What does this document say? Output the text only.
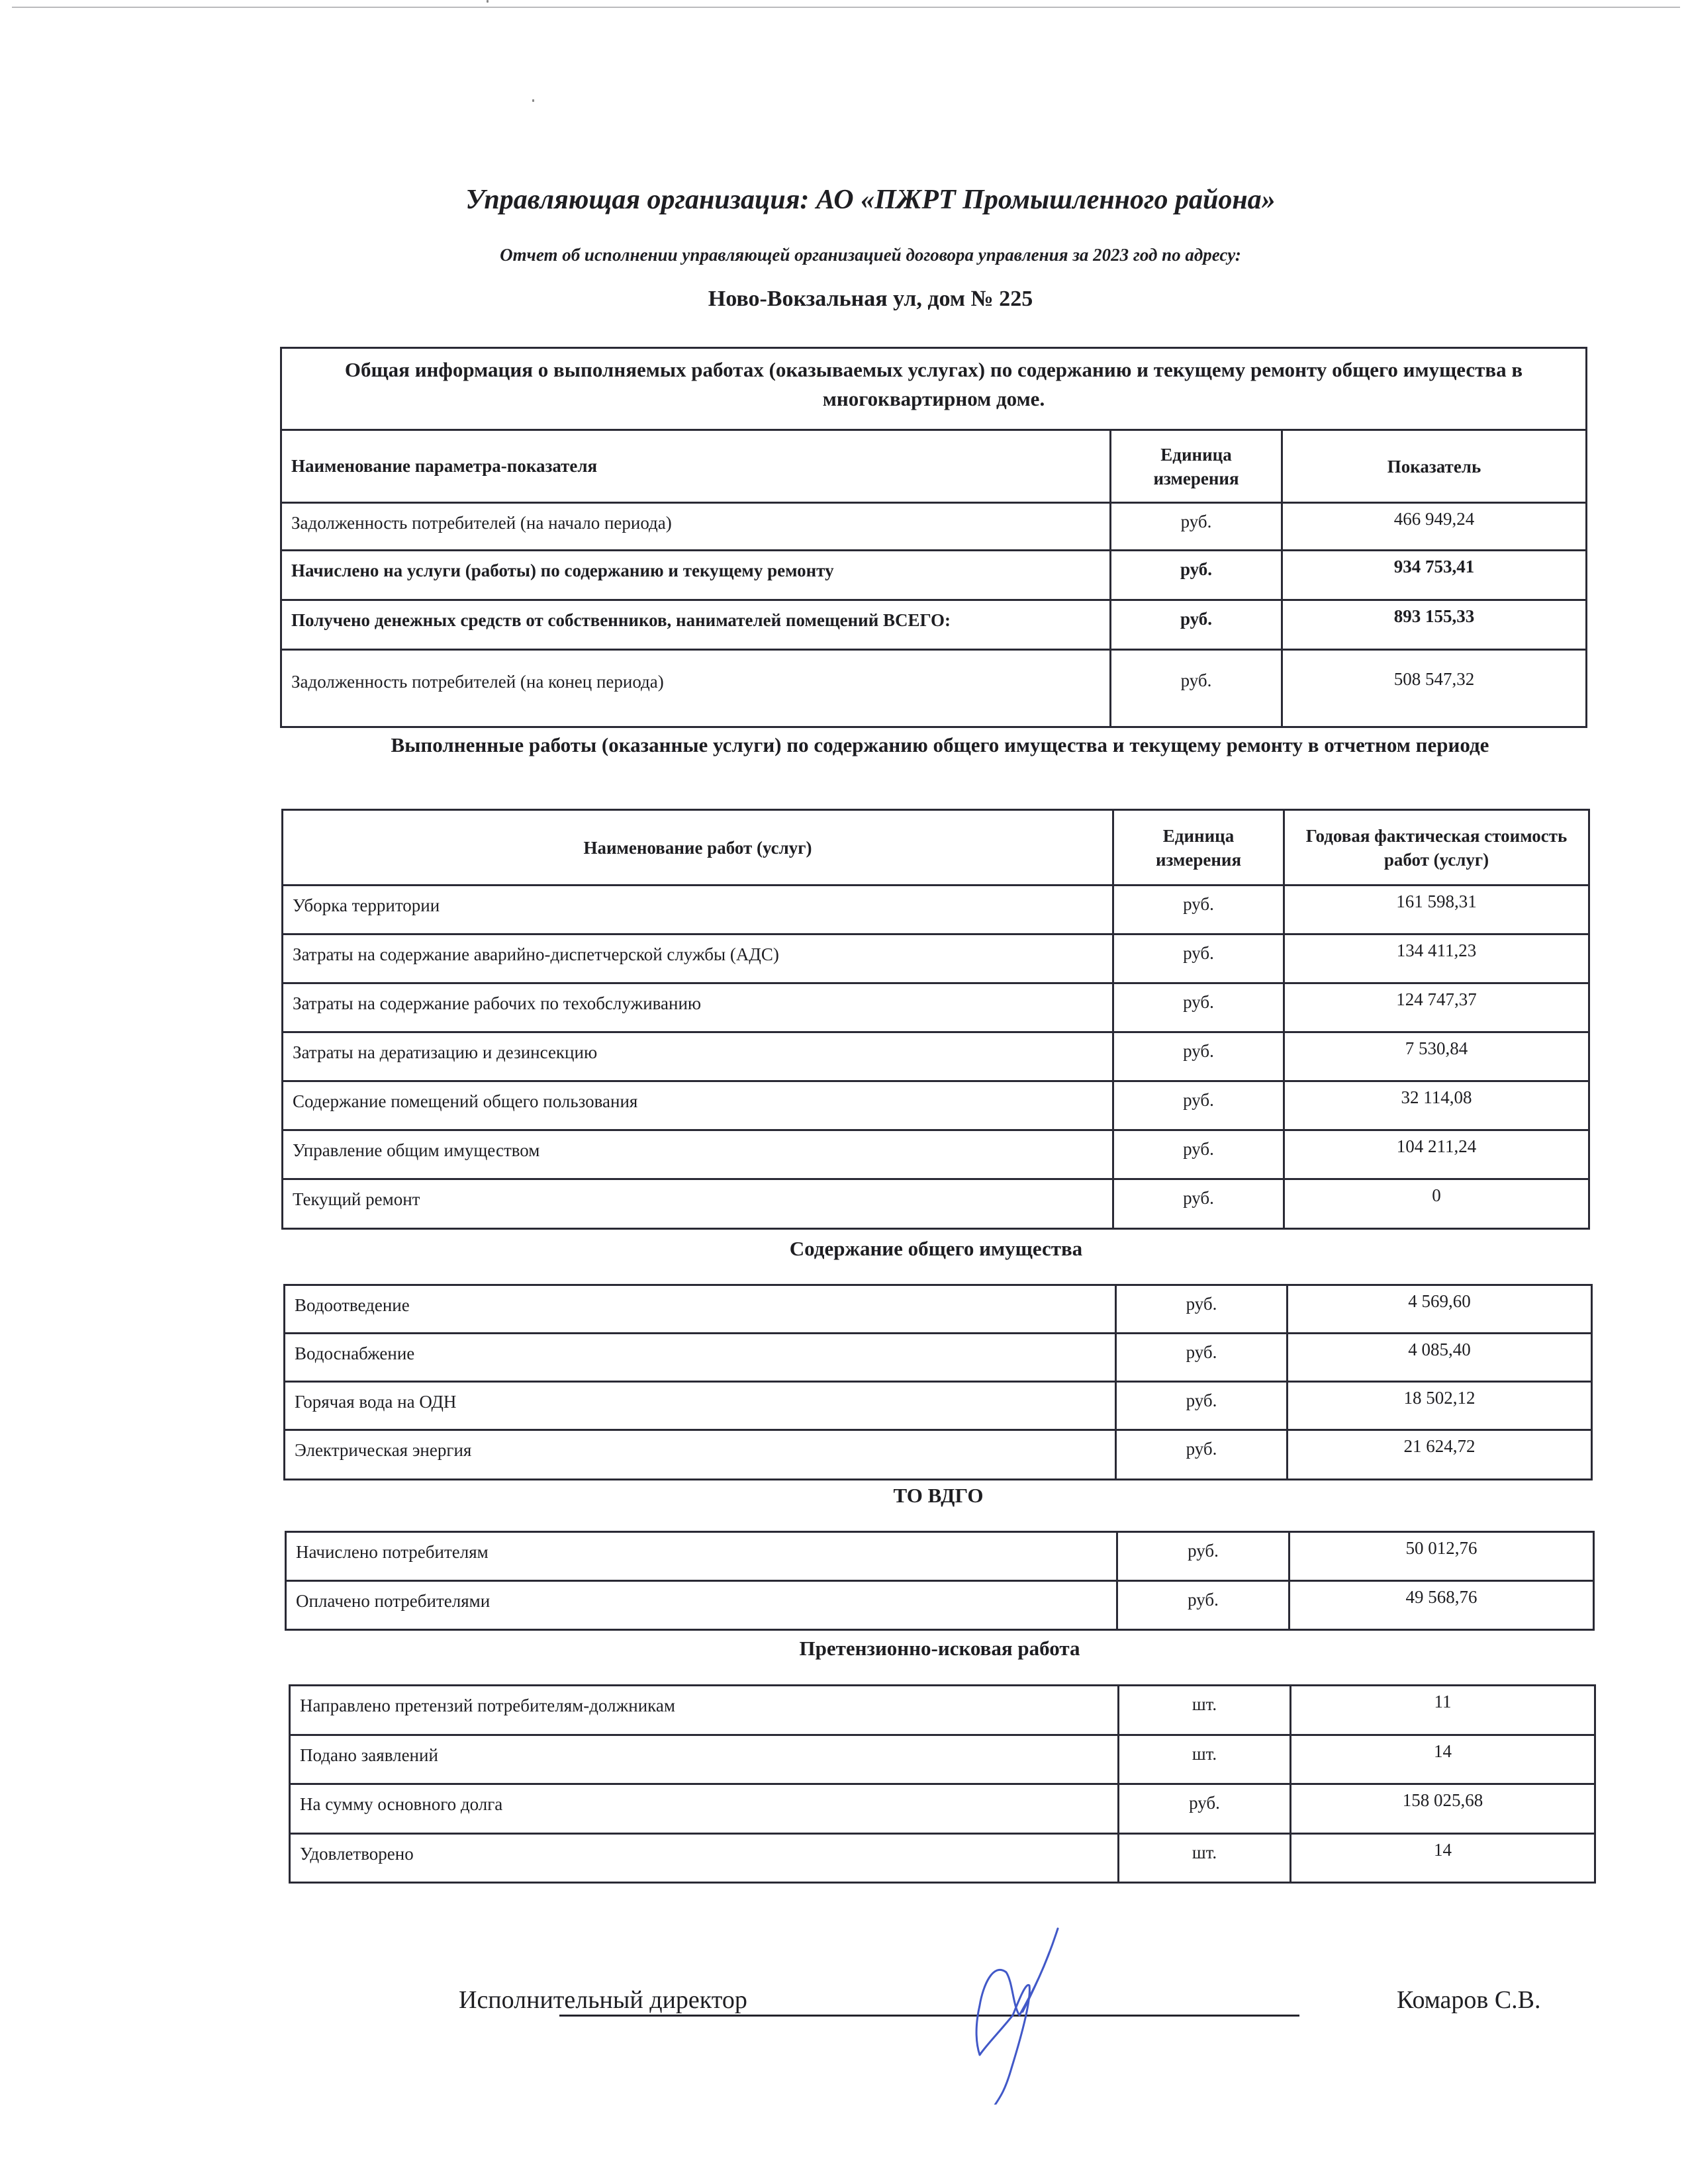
Управляющая организация: АО «ПЖРТ Промышленного района»
Отчет об исполнении управляющей организацией договора управления за 2023 год по адресу:
Ново-Вокзальная ул, дом № 225
Общая информация о выполняемых работах (оказываемых услугах) по содержанию и текущему ремонту общего имущества в многоквартирном доме.		
Наименование параметра-показателя	Единица измерения	Показатель
Задолженность потребителей (на начало периода)	руб.	466 949,24
Начислено на услуги (работы) по содержанию и текущему ремонту	руб.	934 753,41
Получено денежных средств от собственников, нанимателей помещений ВСЕГО:	руб.	893 155,33
Задолженность потребителей (на конец периода)	руб.	508 547,32
Выполненные работы (оказанные услуги) по содержанию общего имущества и текущему ремонту в отчетном периоде
Наименование работ (услуг)	Единица измерения	Годовая фактическая стоимость работ (услуг)
Уборка территории	руб.	161 598,31
Затраты на содержание аварийно-диспетчерской службы (АДС)	руб.	134 411,23
Затраты на содержание рабочих по техобслуживанию	руб.	124 747,37
Затраты на дератизацию и дезинсекцию	руб.	7 530,84
Содержание помещений общего пользования	руб.	32 114,08
Управление общим имуществом	руб.	104 211,24
Текущий ремонт	руб.	0
Содержание общего имущества
Водоотведение	руб.	4 569,60
Водоснабжение	руб.	4 085,40
Горячая вода на ОДН	руб.	18 502,12
Электрическая энергия	руб.	21 624,72
ТО ВДГО
Начислено потребителям	руб.	50 012,76
Оплачено потребителями	руб.	49 568,76
Претензионно-исковая работа
Направлено претензий потребителям-должникам	шт.	11
Подано заявлений	шт.	14
На сумму основного долга	руб.	158 025,68
Удовлетворено	шт.	14
Исполнительный директор	Комаров С.В.
